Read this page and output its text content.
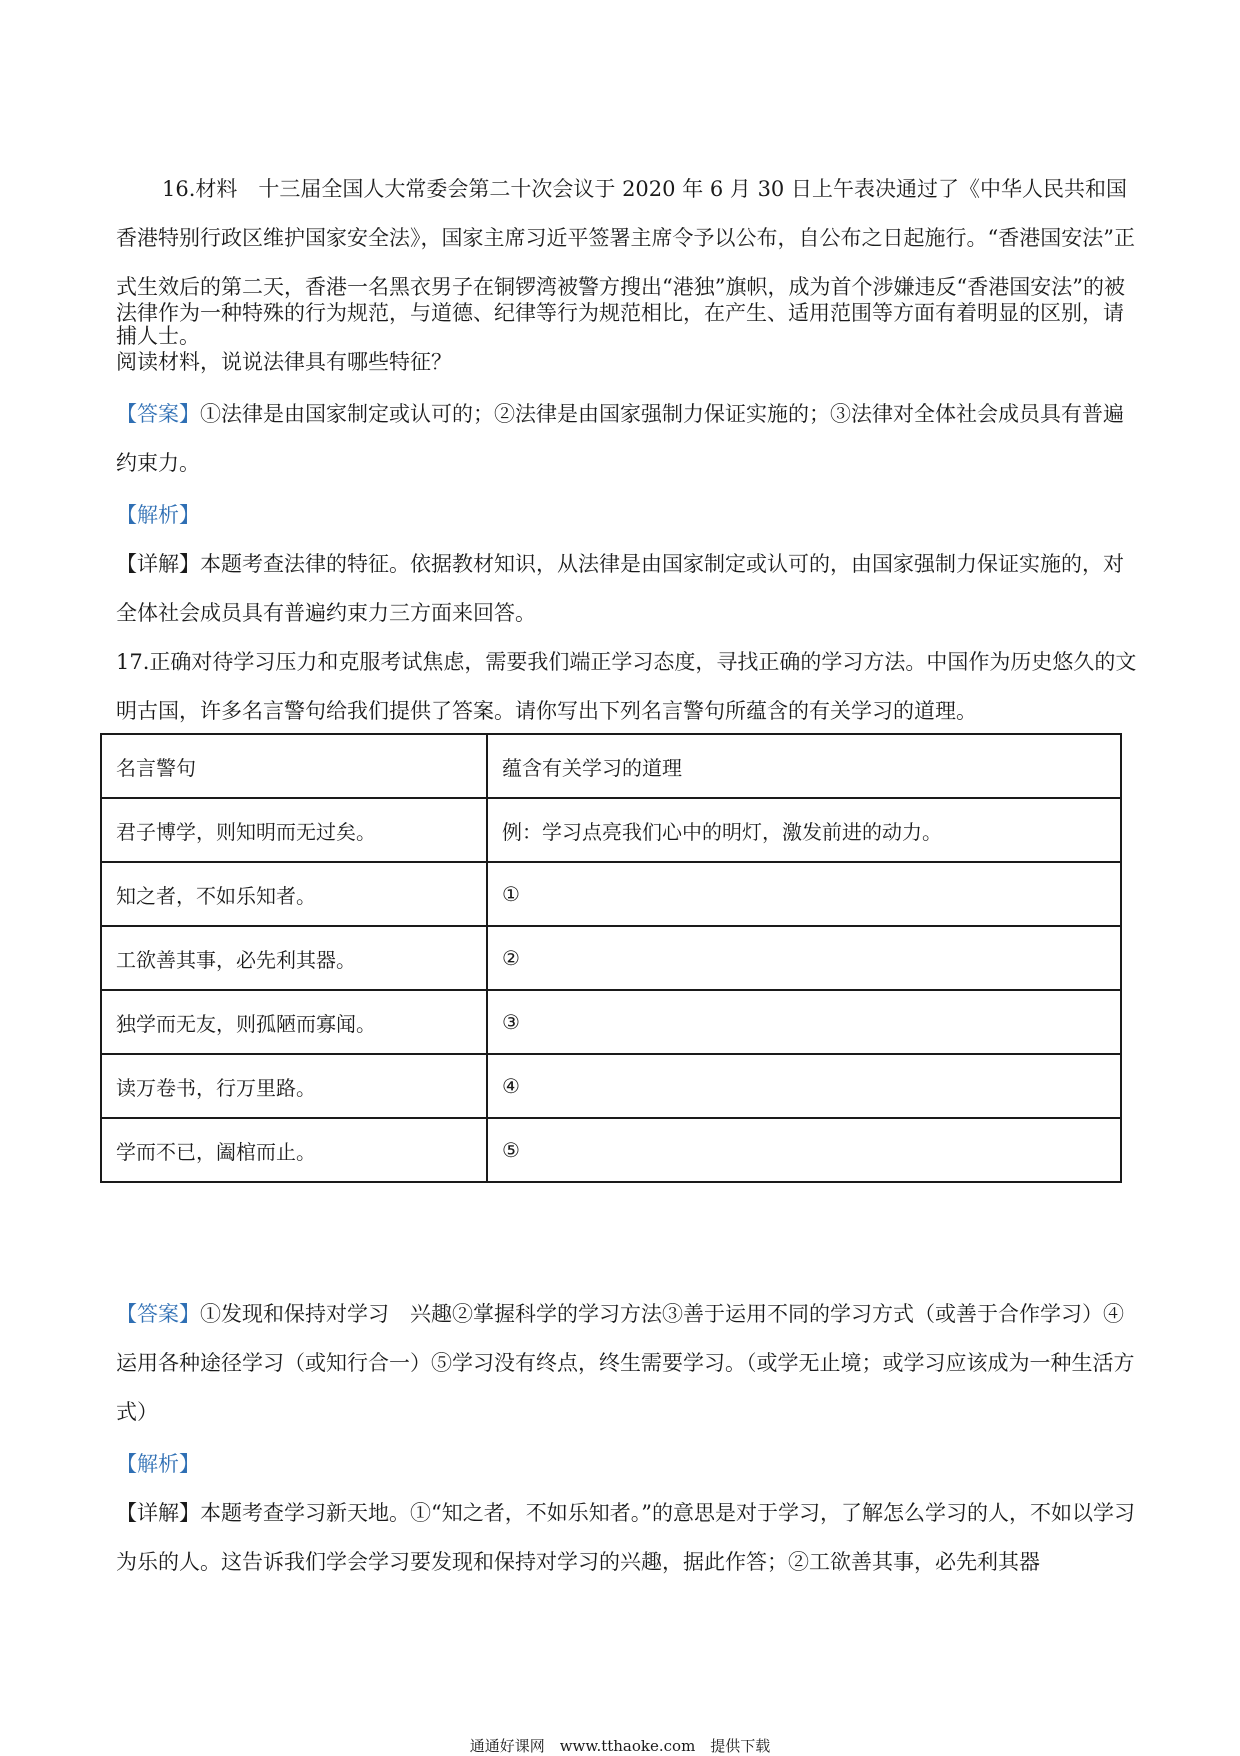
16.材料　十三届全国人大常委会第二十次会议于 2020 年 6 月 30 日上午表决通过了《中华人民共和国香港特别行政区维护国家安全法》，国家主席习近平签署主席令予以公布，自公布之日起施行。“香港国安法”正式生效后的第二天，香港一名黑衣男子在铜锣湾被警方搜出“港独”旗帜，成为首个涉嫌违反“香港国安法”的被捕人士。

法律作为一种特殊的行为规范，与道德、纪律等行为规范相比，在产生、适用范围等方面有着明显的区别，请阅读材料，说说法律具有哪些特征？

【答案】①法律是由国家制定或认可的；②法律是由国家强制力保证实施的；③法律对全体社会成员具有普遍约束力。

【解析】

【详解】本题考查法律的特征。依据教材知识，从法律是由国家制定或认可的，由国家强制力保证实施的，对全体社会成员具有普遍约束力三方面来回答。

17.正确对待学习压力和克服考试焦虑，需要我们端正学习态度，寻找正确的学习方法。中国作为历史悠久的文明古国，许多名言警句给我们提供了答案。请你写出下列名言警句所蕴含的有关学习的道理。

名言警句	蕴含有关学习的道理
君子博学，则知明而无过矣。	例：学习点亮我们心中的明灯，激发前进的动力。
知之者，不如乐知者。	①
工欲善其事，必先利其器。	②
独学而无友，则孤陋而寡闻。	③
读万卷书，行万里路。	④
学而不已，阖棺而止。	⑤

【答案】①发现和保持对学习　兴趣②掌握科学的学习方法③善于运用不同的学习方式（或善于合作学习）④运用各种途径学习（或知行合一）⑤学习没有终点，终生需要学习。（或学无止境；或学习应该成为一种生活方式）

【解析】

【详解】本题考查学习新天地。①“知之者，不如乐知者。”的意思是对于学习，了解怎么学习的人，不如以学习为乐的人。这告诉我们学会学习要发现和保持对学习的兴趣，据此作答；②工欲善其事，必先利其器

通通好课网　www.tthaoke.com　提供下载
